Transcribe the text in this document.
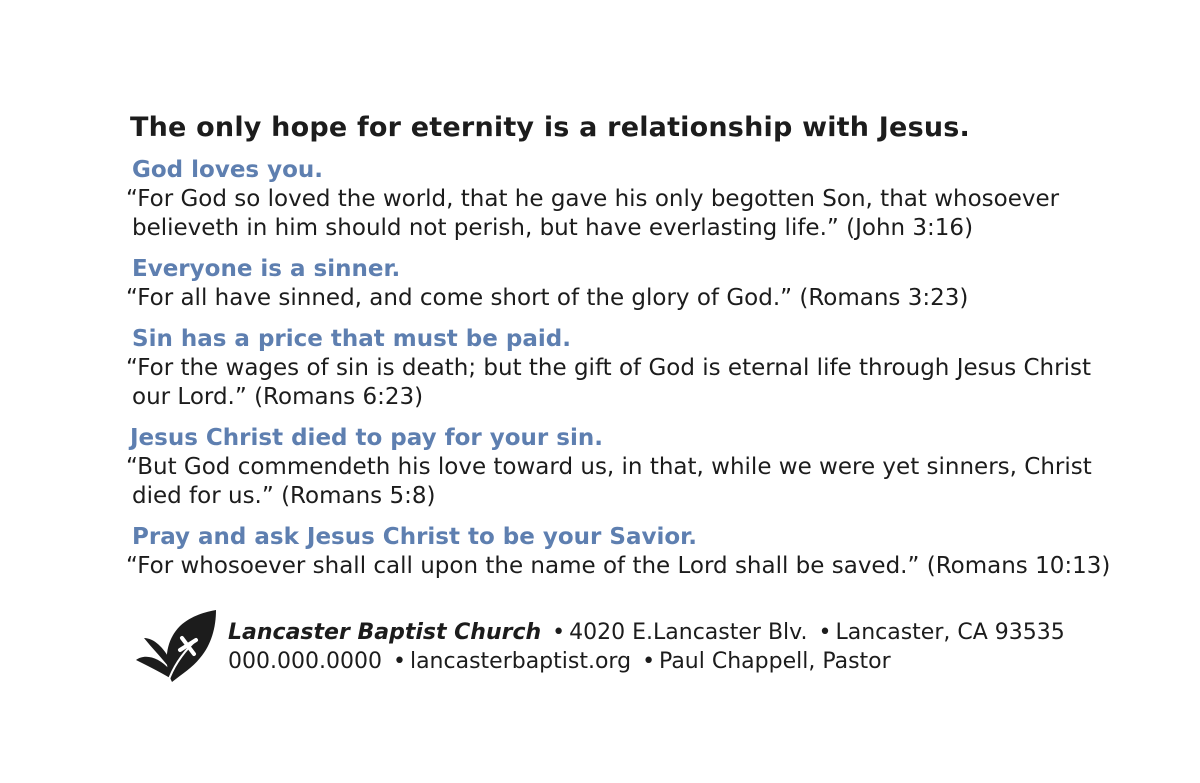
The only hope for eternity is a relationship with Jesus.
God loves you.
“For God so loved the world, that he gave his only begotten Son, that whosoever
believeth in him should not perish, but have everlasting life.” (John 3:16)
Everyone is a sinner.
“For all have sinned, and come short of the glory of God.” (Romans 3:23)
Sin has a price that must be paid.
“For the wages of sin is death; but the gift of God is eternal life through Jesus Christ
our Lord.” (Romans 6:23)
Jesus Christ died to pay for your sin.
“But God commendeth his love toward us, in that, while we were yet sinners, Christ
died for us.” (Romans 5:8)
Pray and ask Jesus Christ to be your Savior.
“For whosoever shall call upon the name of the Lord shall be saved.” (Romans 10:13)
Lancaster Baptist Church • 4020 E.Lancaster Blv. • Lancaster, CA 93535
000.000.0000 • lancasterbaptist.org • Paul Chappell, Pastor
